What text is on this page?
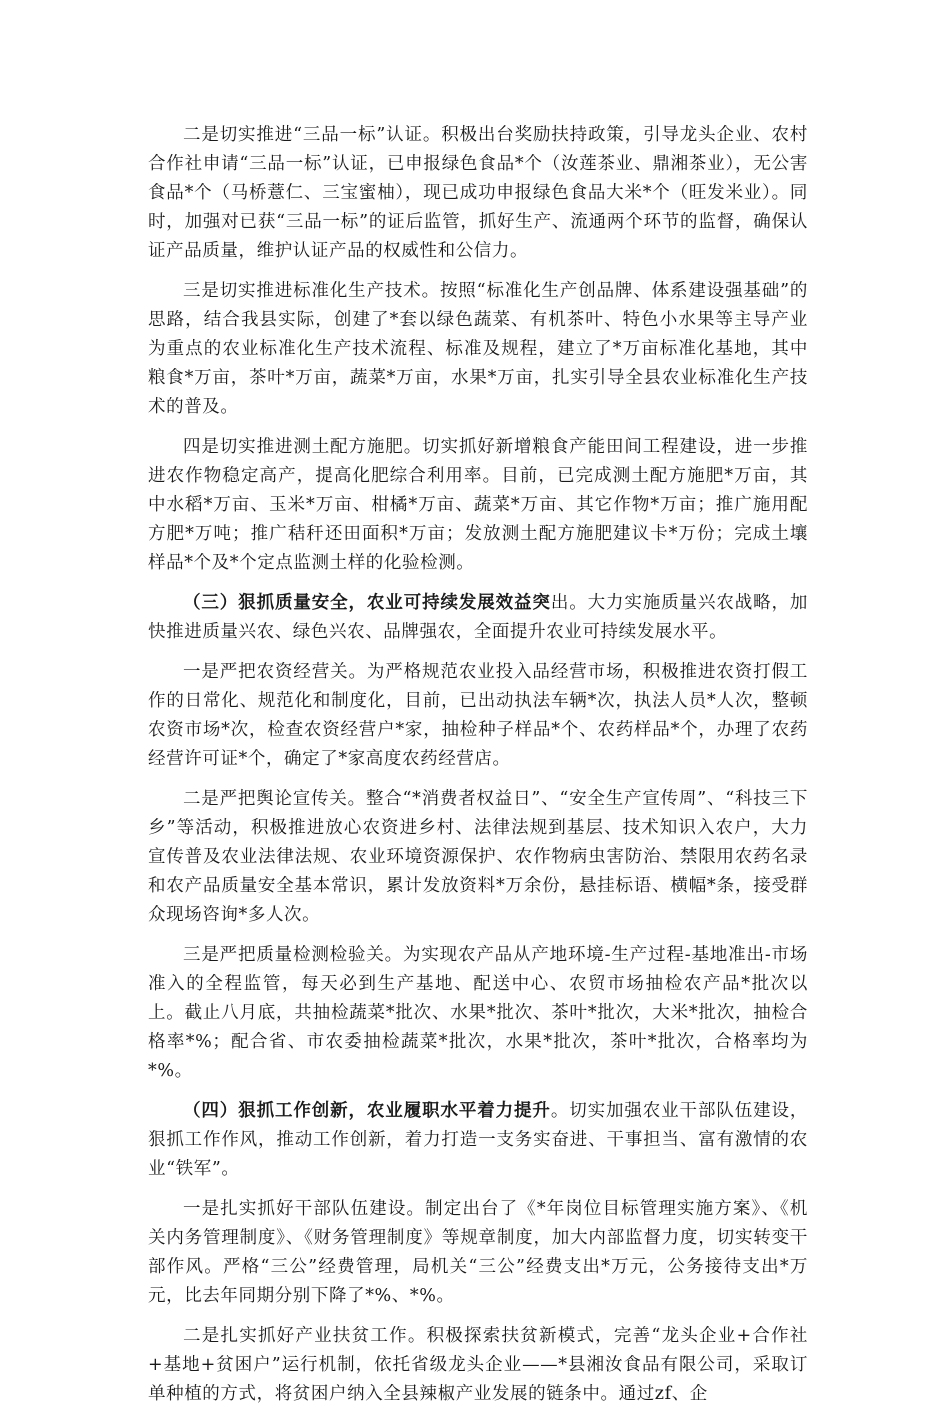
二是切实推进“三品一标”认证。积极出台奖励扶持政策，引导龙头企业、农村合作社申请“三品一标”认证，已申报绿色食品*个（汝莲茶业、鼎湘茶业），无公害食品*个（马桥薏仁、三宝蜜柚），现已成功申报绿色食品大米*个（旺发米业）。同时，加强对已获“三品一标”的证后监管，抓好生产、流通两个环节的监督，确保认证产品质量，维护认证产品的权威性和公信力。

三是切实推进标准化生产技术。按照“标准化生产创品牌、体系建设强基础”的思路，结合我县实际，创建了*套以绿色蔬菜、有机茶叶、特色小水果等主导产业为重点的农业标准化生产技术流程、标准及规程，建立了*万亩标准化基地，其中粮食*万亩，茶叶*万亩，蔬菜*万亩，水果*万亩，扎实引导全县农业标准化生产技术的普及。

四是切实推进测土配方施肥。切实抓好新增粮食产能田间工程建设，进一步推进农作物稳定高产，提高化肥综合利用率。目前，已完成测土配方施肥*万亩，其中水稻*万亩、玉米*万亩、柑橘*万亩、蔬菜*万亩、其它作物*万亩；推广施用配方肥*万吨；推广秸秆还田面积*万亩；发放测土配方施肥建议卡*万份；完成土壤样品*个及*个定点监测土样的化验检测。

（三）狠抓质量安全，农业可持续发展效益突出。大力实施质量兴农战略，加快推进质量兴农、绿色兴农、品牌强农，全面提升农业可持续发展水平。

一是严把农资经营关。为严格规范农业投入品经营市场，积极推进农资打假工作的日常化、规范化和制度化，目前，已出动执法车辆*次，执法人员*人次，整顿农资市场*次，检查农资经营户*家，抽检种子样品*个、农药样品*个，办理了农药经营许可证*个，确定了*家高度农药经营店。

二是严把舆论宣传关。整合“*消费者权益日”、“安全生产宣传周”、“科技三下乡”等活动，积极推进放心农资进乡村、法律法规到基层、技术知识入农户，大力宣传普及农业法律法规、农业环境资源保护、农作物病虫害防治、禁限用农药名录和农产品质量安全基本常识，累计发放资料*万余份，悬挂标语、横幅*条，接受群众现场咨询*多人次。

三是严把质量检测检验关。为实现农产品从产地环境-生产过程-基地准出-市场准入的全程监管，每天必到生产基地、配送中心、农贸市场抽检农产品*批次以上。截止八月底，共抽检蔬菜*批次、水果*批次、茶叶*批次，大米*批次，抽检合格率*%；配合省、市农委抽检蔬菜*批次，水果*批次，茶叶*批次，合格率均为*%。

（四）狠抓工作创新，农业履职水平着力提升。切实加强农业干部队伍建设，狠抓工作作风，推动工作创新，着力打造一支务实奋进、干事担当、富有激情的农业“铁军”。

一是扎实抓好干部队伍建设。制定出台了《*年岗位目标管理实施方案》、《机关内务管理制度》、《财务管理制度》等规章制度，加大内部监督力度，切实转变干部作风。严格“三公”经费管理，局机关“三公”经费支出*万元，公务接待支出*万元，比去年同期分别下降了*%、*%。

二是扎实抓好产业扶贫工作。积极探索扶贫新模式，完善“龙头企业+合作社+基地+贫困户”运行机制，依托省级龙头企业——*县湘汝食品有限公司，采取订单种植的方式，将贫困户纳入全县辣椒产业发展的链条中。通过zf、企
